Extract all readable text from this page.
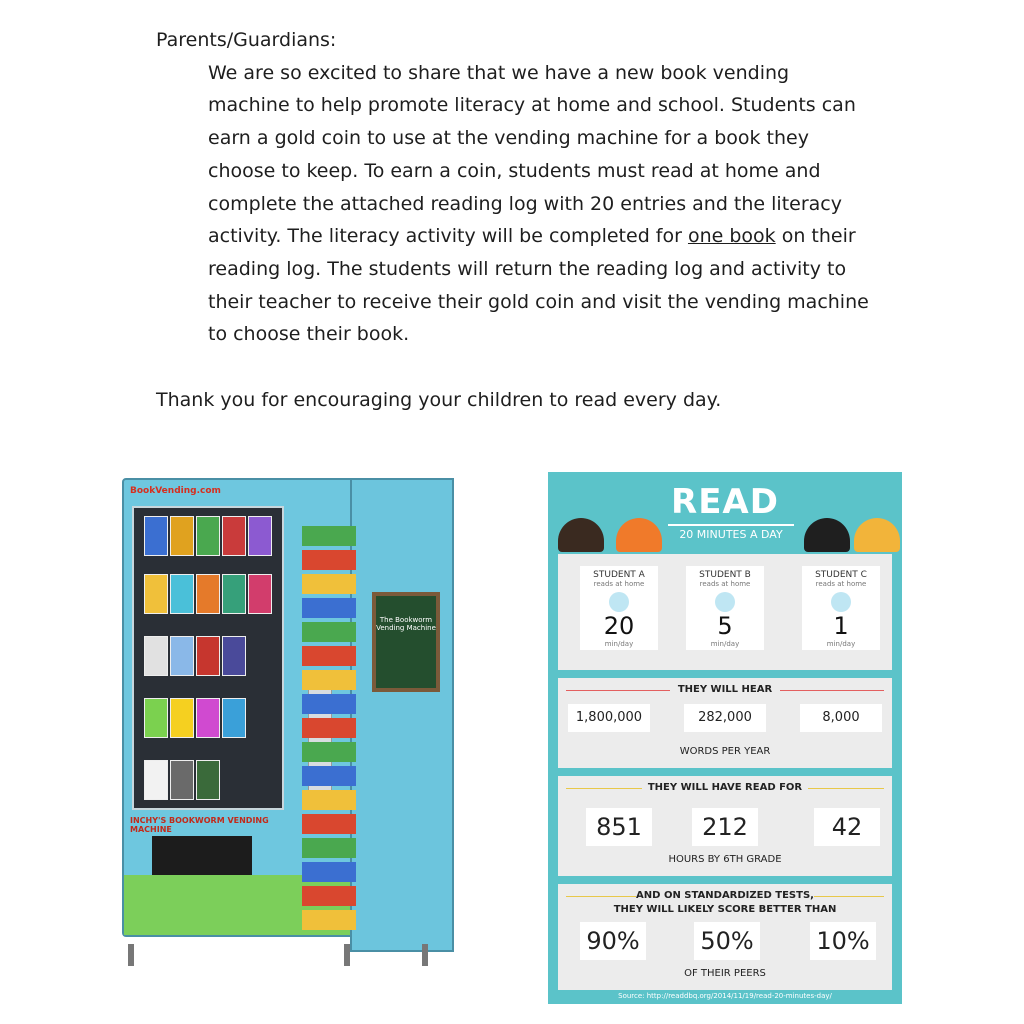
Parents/Guardians:

We are so excited to share that we have a new book vending machine to help promote literacy at home and school. Students can earn a gold coin to use at the vending machine for a book they choose to keep. To earn a coin, students must read at home and complete the attached reading log with 20 entries and the literacy activity. The literacy activity will be completed for one book on their reading log. The students will return the reading log and activity to their teacher to receive their gold coin and visit the vending machine to choose their book.

Thank you for encouraging your children to read every day.

BookVending.com
INCHY'S BOOKWORM VENDING MACHINE
The Bookworm Vending Machine
READ
20 MINUTES A DAY
STUDENT A
reads at home
20
min/day
STUDENT B
reads at home
5
min/day
STUDENT C
reads at home
1
min/day
THEY WILL HEAR
1,800,000	282,000	8,000
WORDS PER YEAR
THEY WILL HAVE READ FOR
851	212	42
HOURS BY 6TH GRADE
AND ON STANDARDIZED TESTS,
THEY WILL LIKELY SCORE BETTER THAN
90%	50%	10%
OF THEIR PEERS
Source: http://readdbq.org/2014/11/19/read-20-minutes-day/
